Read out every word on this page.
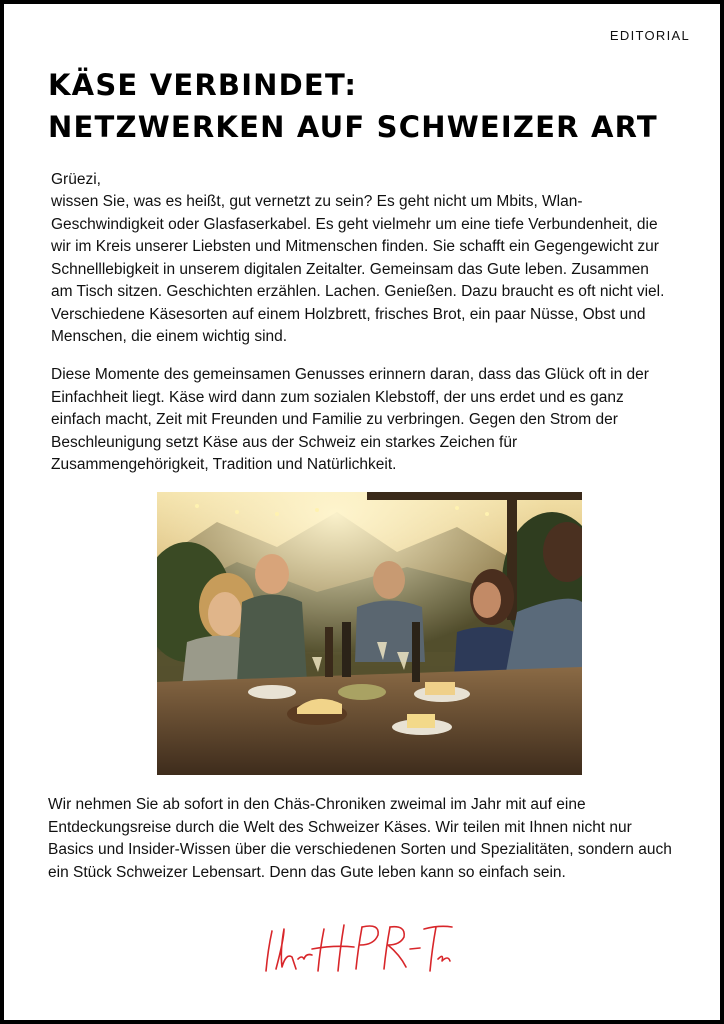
EDITORIAL
KÄSE VERBINDET:
NETZWERKEN AUF SCHWEIZER ART

Grüezi,

wissen Sie, was es heißt, gut vernetzt zu sein? Es geht nicht um Mbits, Wlan-Geschwindigkeit oder Glasfaserkabel. Es geht vielmehr um eine tiefe Verbundenheit, die wir im Kreis unserer Liebsten und Mitmenschen finden. Sie schafft ein Gegengewicht zur Schnelllebigkeit in unserem digitalen Zeitalter. Gemeinsam das Gute leben. Zusammen am Tisch sitzen. Geschichten erzählen. Lachen. Genießen. Dazu braucht es oft nicht viel. Verschiedene Käsesorten auf einem Holzbrett, frisches Brot, ein paar Nüsse, Obst und Menschen, die einem wichtig sind.

Diese Momente des gemeinsamen Genusses erinnern daran, dass das Glück oft in der Einfachheit liegt. Käse wird dann zum sozialen Klebstoff, der uns erdet und es ganz einfach macht, Zeit mit Freunden und Familie zu verbringen. Gegen den Strom der Beschleunigung setzt Käse aus der Schweiz ein starkes Zeichen für Zusammengehörigkeit, Tradition und Natürlichkeit.

Wir nehmen Sie ab sofort in den Chäs-Chroniken zweimal im Jahr mit auf eine Entdeckungsreise durch die Welt des Schweizer Käses. Wir teilen mit Ihnen nicht nur Basics und Insider-Wissen über die verschiedenen Sorten und Spezialitäten, sondern auch ein Stück Schweizer Lebensart. Denn das Gute leben kann so einfach sein.
